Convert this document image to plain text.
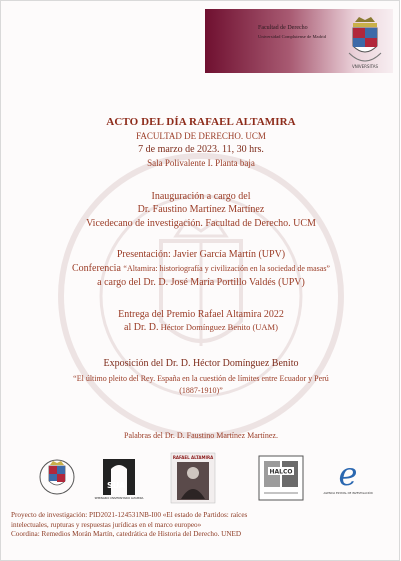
Facultad de Derecho
Universidad Complutense de Madrid
VNIVERSITAS
ACTO DEL DÍA RAFAEL ALTAMIRA
FACULTAD DE DERECHO. UCM
7 de marzo de 2023. 11, 30 hrs.
Sala Polivalente I. Planta baja
Inauguración a cargo del
Dr. Faustino Martínez Martínez
Vicedecano de investigación. Facultad de Derecho. UCM
Presentación: Javier García Martín (UPV)
Conferencia “Altamira: historiografía y civilización en la sociedad de masas”
a cargo del Dr. D. José María Portillo Valdés (UPV)
Entrega del Premio Rafael Altamira 2022
al Dr. D. Héctor Domínguez Benito (UAM)
Exposición del Dr. D. Héctor Domínguez Benito
“El último pleito del Rey. España en la cuestión de límites entre Ecuador y Perú
(1887-1910)”
Palabras del Dr. D. Faustino Martínez Martínez.
SUA
SEMINARIO UNIVERSITARIO ALTAMIRA
RAFAEL ALTAMIRA
HALCO e
AGENCIA ESTATAL DE INVESTIGACIÓN
Proyecto de investigación: PID2021-124531NB-I00 «El estado de Partidos: raíces
intelectuales, rupturas y respuestas jurídicas en el marco europeo»
Coordina: Remedios Morán Martín, catedrática de Historia del Derecho. UNED
